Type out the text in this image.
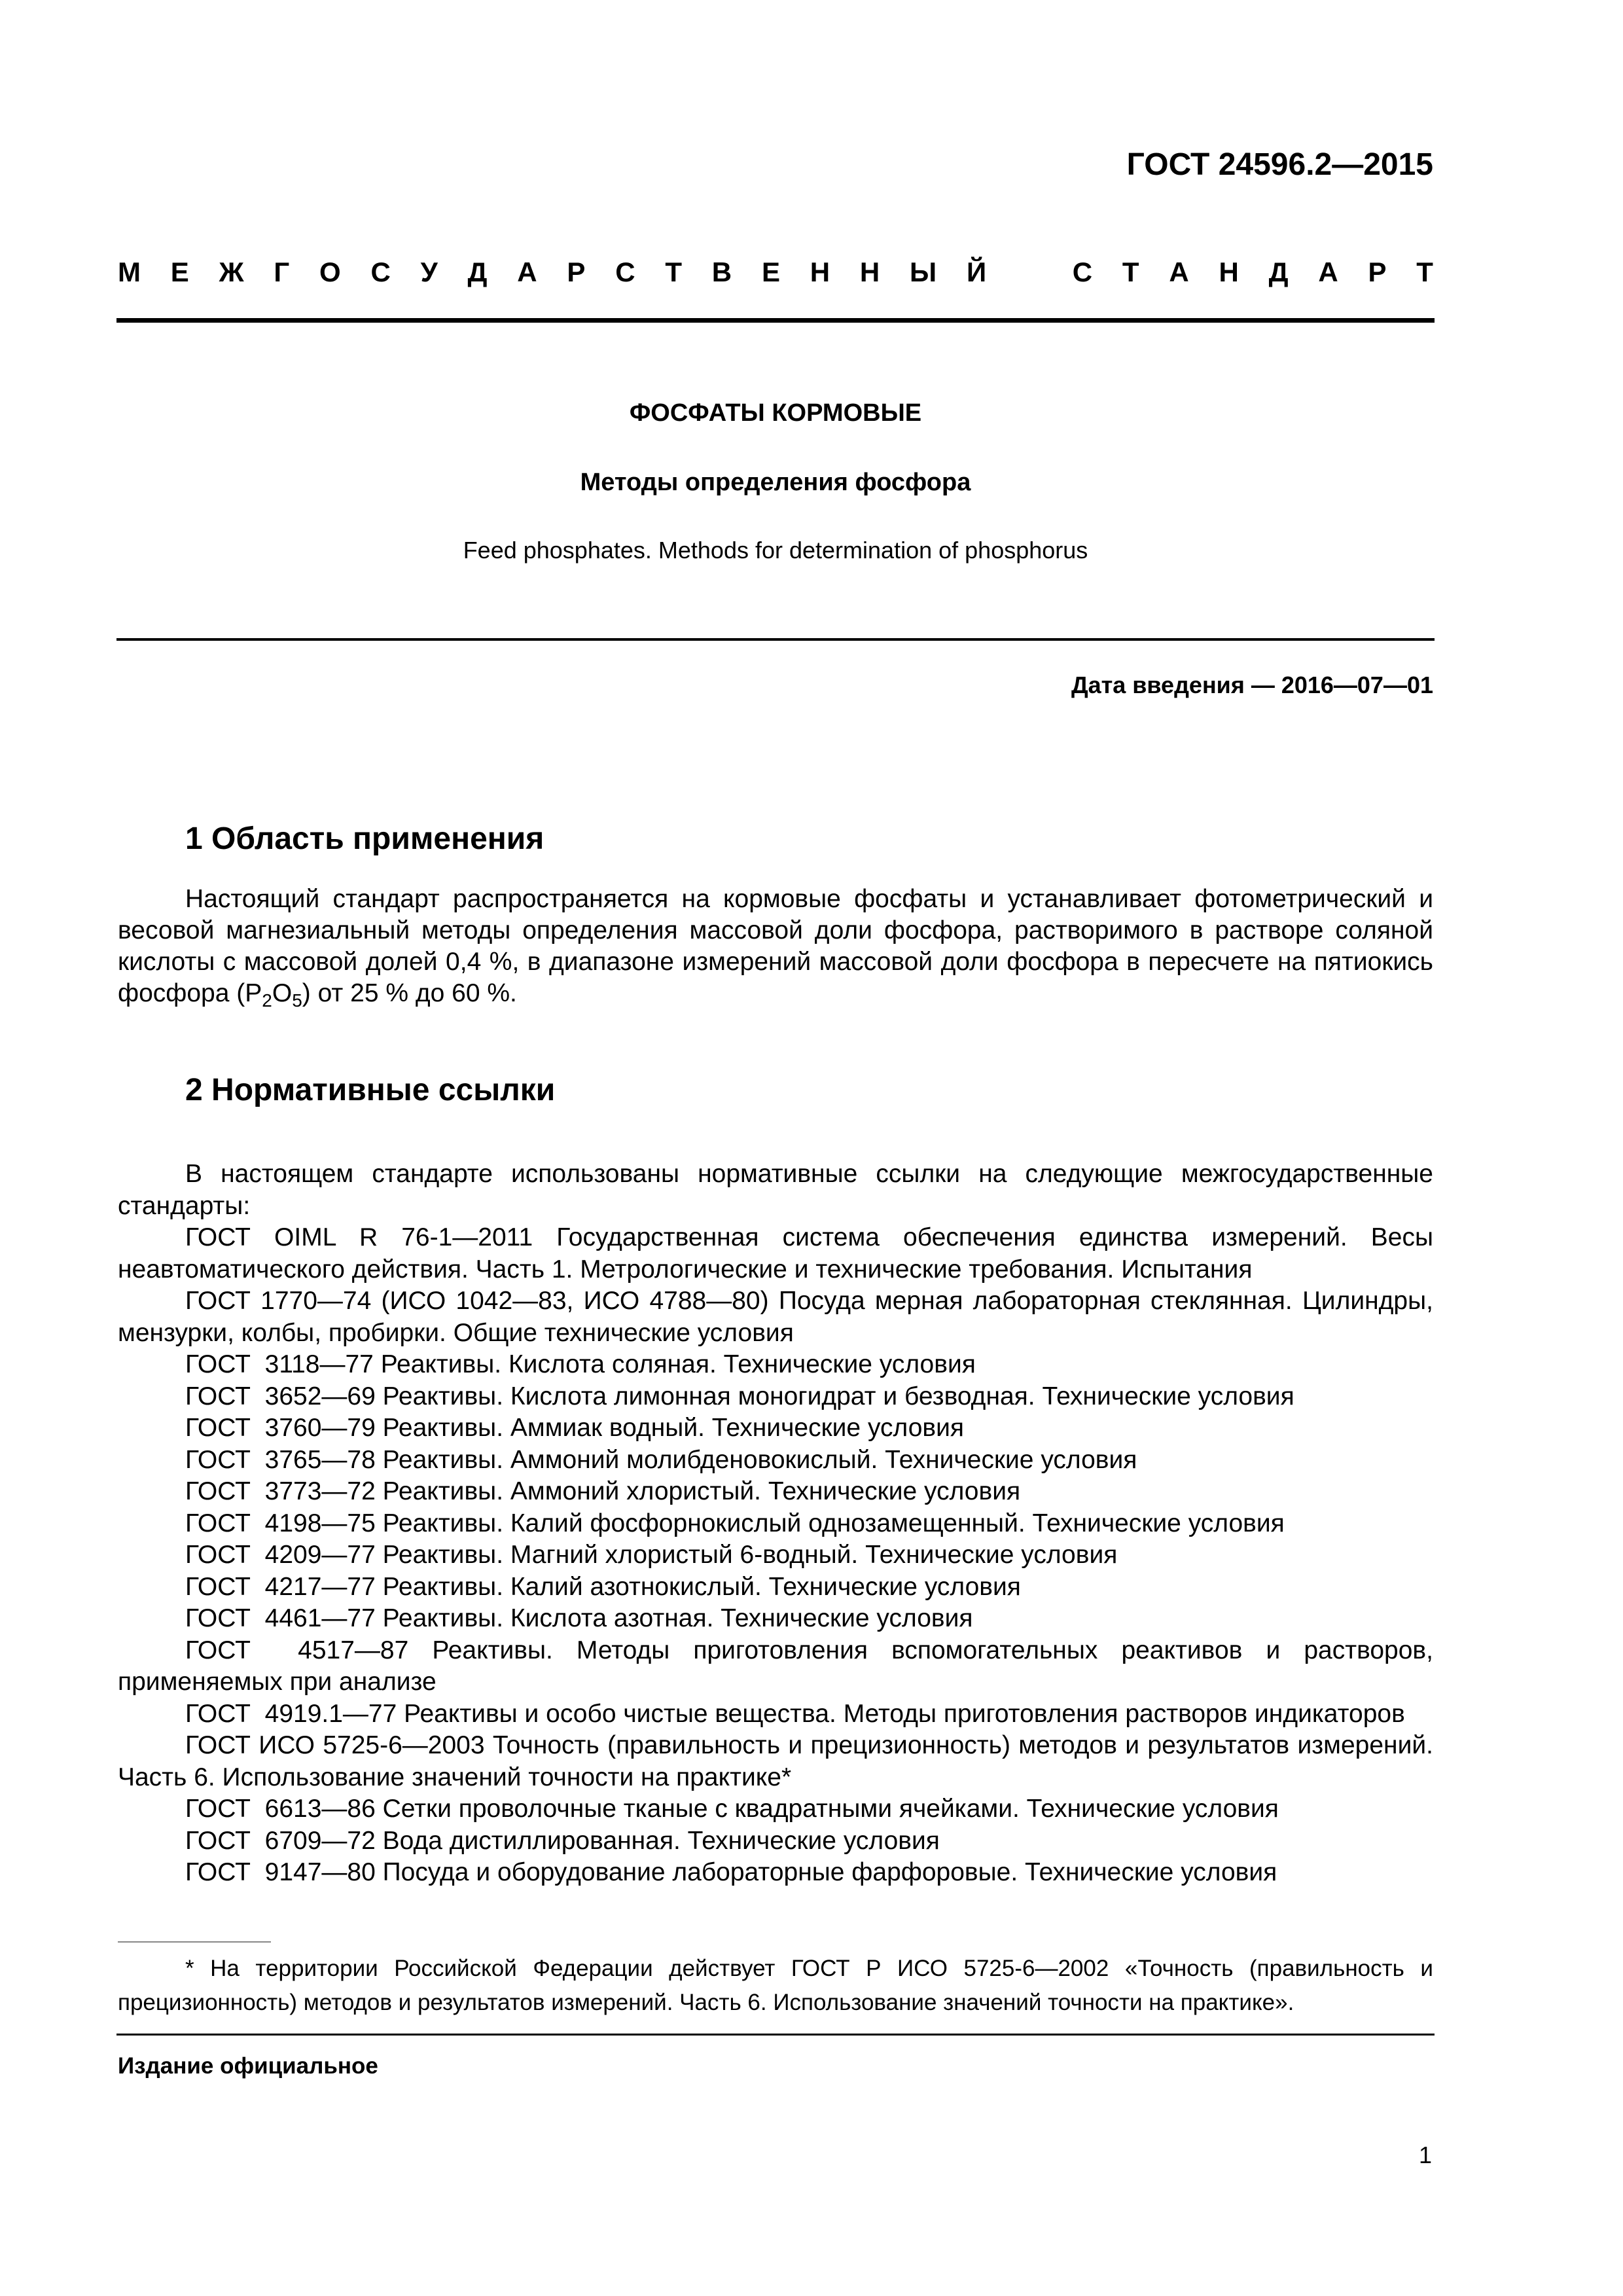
ГОСТ 24596.2—2015
М Е Ж Г О С У Д А Р С Т В Е Н Н Ы Й	С Т А Н Д А Р Т
ФОСФАТЫ КОРМОВЫЕ
Методы определения фосфора
Feed phosphates. Methods for determination of phosphorus
Дата введения — 2016—07—01
1 Область применения
Настоящий стандарт распространяется на кормовые фосфаты и устанавливает фотометрический и весовой магнезиальный методы определения массовой доли фосфора, растворимого в растворе соляной кислоты с массовой долей 0,4 %, в диапазоне измерений массовой доли фосфора в пересчете на пятиокись фосфора $(P_2O_5)$ от 25 % до 60 %.
2 Нормативные ссылки

В настоящем стандарте использованы нормативные ссылки на следующие межгосударственные стандарты:

ГОСТ OIML R 76-1—2011 Государственная система обеспечения единства измерений. Весы неавтоматического действия. Часть 1. Метрологические и технические требования. Испытания

ГОСТ 1770—74 (ИСО 1042—83, ИСО 4788—80) Посуда мерная лабораторная стеклянная. Цилиндры, мензурки, колбы, пробирки. Общие технические условия

ГОСТ  3118—77 Реактивы. Кислота соляная. Технические условия

ГОСТ  3652—69 Реактивы. Кислота лимонная моногидрат и безводная. Технические условия

ГОСТ  3760—79 Реактивы. Аммиак водный. Технические условия

ГОСТ  3765—78 Реактивы. Аммоний молибденовокислый. Технические условия

ГОСТ  3773—72 Реактивы. Аммоний хлористый. Технические условия

ГОСТ  4198—75 Реактивы. Калий фосфорнокислый однозамещенный. Технические условия

ГОСТ  4209—77 Реактивы. Магний хлористый 6-водный. Технические условия

ГОСТ  4217—77 Реактивы. Калий азотнокислый. Технические условия

ГОСТ  4461—77 Реактивы. Кислота азотная. Технические условия

ГОСТ  4517—87 Реактивы. Методы приготовления вспомогательных реактивов и растворов, применяемых при анализе

ГОСТ  4919.1—77 Реактивы и особо чистые вещества. Методы приготовления растворов индикаторов

ГОСТ ИСО 5725-6—2003 Точность (правильность и прецизионность) методов и результатов измерений. Часть 6. Использование значений точности на практике*

ГОСТ  6613—86 Сетки проволочные тканые с квадратными ячейками. Технические условия

ГОСТ  6709—72 Вода дистиллированная. Технические условия

ГОСТ  9147—80 Посуда и оборудование лабораторные фарфоровые. Технические условия

* На территории Российской Федерации действует ГОСТ Р ИСО 5725-6—2002 «Точность (правильность и прецизионность) методов и результатов измерений. Часть 6. Использование значений точности на практике».
Издание официальное
1
